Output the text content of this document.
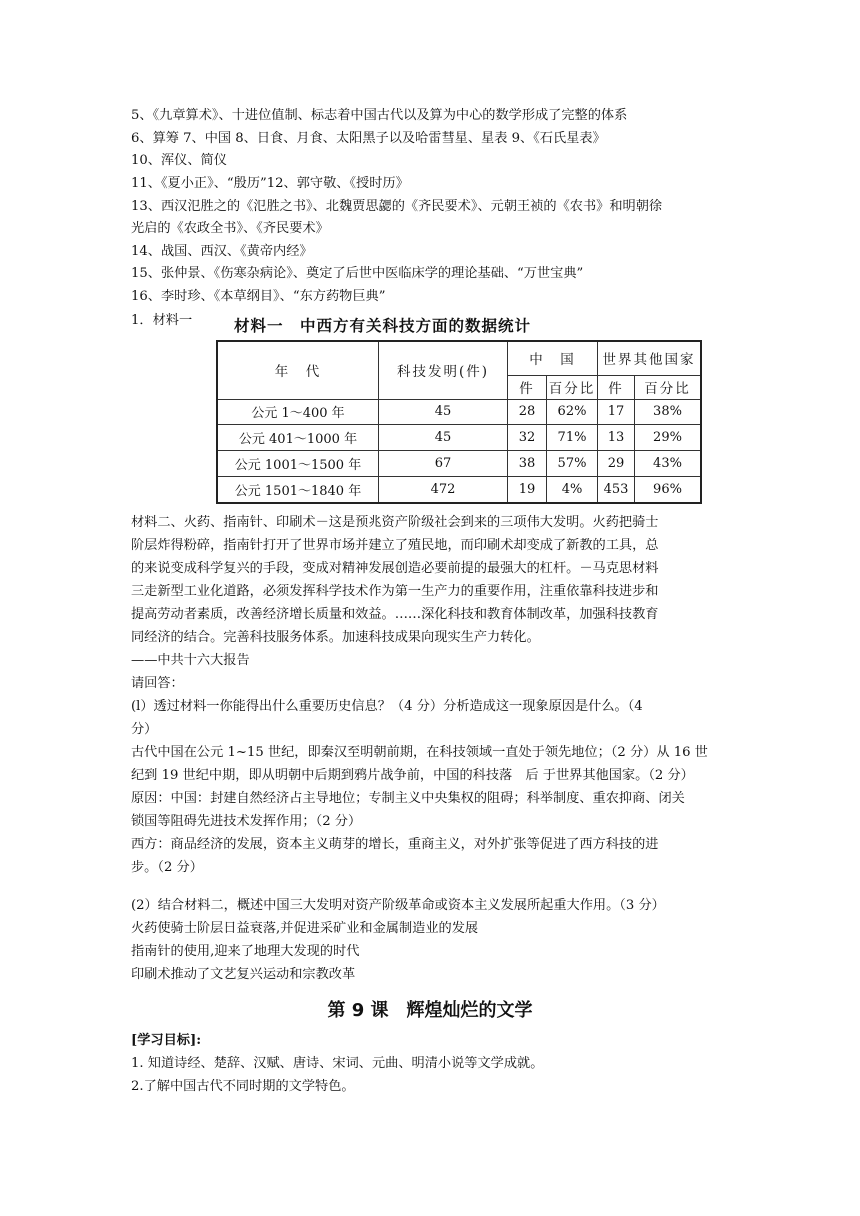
5、《九章算术》、十进位值制、标志着中国古代以及算为中心的数学形成了完整的体系
6、算筹 7、中国 8、日食、月食、太阳黑子以及哈雷彗星、星表 9、《石氏星表》
10、浑仪、简仪
11、《夏小正》、“殷历”12、郭守敬、《授时历》
13、西汉氾胜之的《氾胜之书》、北魏贾思勰的《齐民要术》、元朝王祯的《农书》和明朝徐
光启的《农政全书》、《齐民要术》
14、战国、西汉、《黄帝内经》
15、张仲景、《伤寒杂病论》、奠定了后世中医临床学的理论基础、“万世宝典”
16、李时珍、《本草纲目》、“东方药物巨典”
1．材料一	材料一　中西方有关科技方面的数据统计
年　代	科技发明(件)	中　国		世界其他国家	
		件	百分比	件	百分比
公元 1～400 年	45	28	62%	17	38%
公元 401～1000 年	45	32	71%	13	29%
公元 1001～1500 年	67	38	57%	29	43%
公元 1501～1840 年	472	19	4%	453	96%
材料二、火药、指南针、印刷术－这是预兆资产阶级社会到来的三项伟大发明。火药把骑士
阶层炸得粉碎，指南针打开了世界市场并建立了殖民地，而印刷术却变成了新教的工具，总
的来说变成科学复兴的手段，变成对精神发展创造必要前提的最强大的杠杆。－马克思材料
三走新型工业化道路，必须发挥科学技术作为第一生产力的重要作用，注重依靠科技进步和
提高劳动者素质，改善经济增长质量和效益。……深化科技和教育体制改革，加强科技教育
同经济的结合。完善科技服务体系。加速科技成果向现实生产力转化。
——中共十六大报告
请回答：
(l）透过材料一你能得出什么重要历史信息？（4 分）分析造成这一现象原因是什么。（4
分）
古代中国在公元 1~15 世纪，即秦汉至明朝前期，在科技领域一直处于领先地位；（2 分）从 16 世
纪到 19 世纪中期，即从明朝中后期到鸦片战争前，中国的科技落　后 于世界其他国家。（2 分）
原因：中国：封建自然经济占主导地位；专制主义中央集权的阻碍；科举制度、重农抑商、闭关
锁国等阻碍先进技术发挥作用；（2 分）
西方：商品经济的发展，资本主义萌芽的增长，重商主义，对外扩张等促进了西方科技的进
步。（2 分）
(2）结合材料二，概述中国三大发明对资产阶级革命或资本主义发展所起重大作用。（3 分）
火药使骑士阶层日益衰落,并促进采矿业和金属制造业的发展
指南针的使用,迎来了地理大发现的时代
印刷术推动了文艺复兴运动和宗教改革
第 9 课　辉煌灿烂的文学
[学习目标]:
1. 知道诗经、楚辞、汉赋、唐诗、宋词、元曲、明清小说等文学成就。
2.了解中国古代不同时期的文学特色。
